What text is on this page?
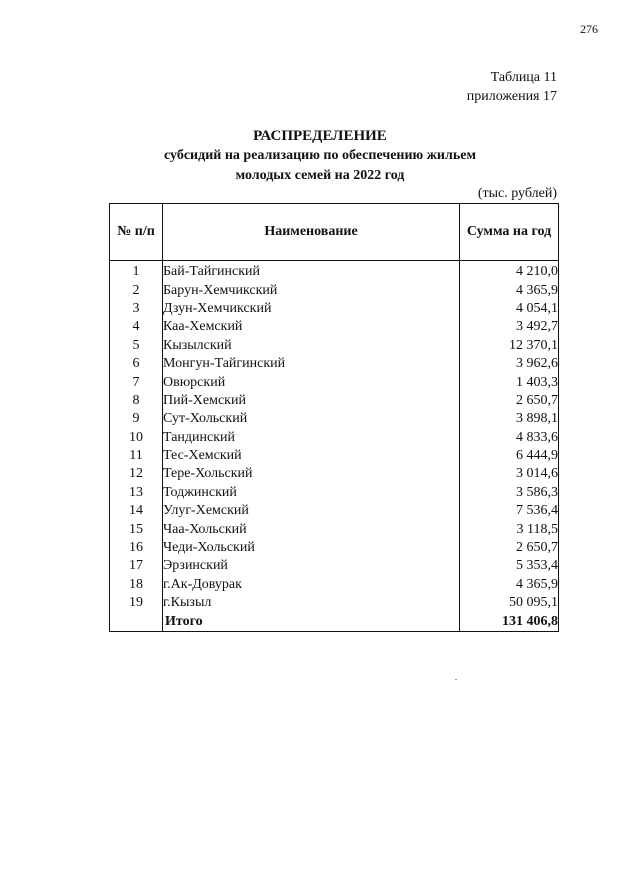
276
Таблица 11
приложения 17
РАСПРЕДЕЛЕНИЕ
субсидий на реализацию по обеспечению жильем
молодых семей на 2022 год
(тыс. рублей)
№ п/п	Наименование	Сумма на год
1	Бай-Тайгинский	4 210,0
2	Барун-Хемчикский	4 365,9
3	Дзун-Хемчикский	4 054,1
4	Каа-Хемский	3 492,7
5	Кызылский	12 370,1
6	Монгун-Тайгинский	3 962,6
7	Овюрский	1 403,3
8	Пий-Хемский	2 650,7
9	Сут-Хольский	3 898,1
10	Тандинский	4 833,6
11	Тес-Хемский	6 444,9
12	Тере-Хольский	3 014,6
13	Тоджинский	3 586,3
14	Улуг-Хемский	7 536,4
15	Чаа-Хольский	3 118,5
16	Чеди-Хольский	2 650,7
17	Эрзинский	5 353,4
18	г.Ак-Довурак	4 365,9
19	г.Кызыл	50 095,1
	Итого	131 406,8
